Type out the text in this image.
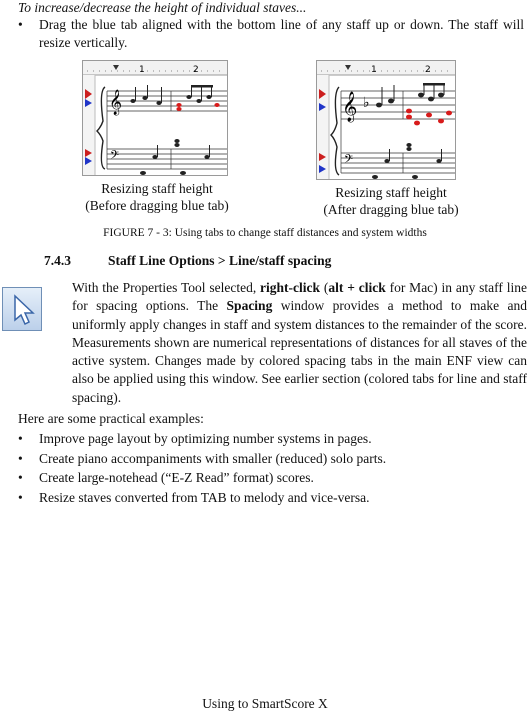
To increase/decrease the height of individual staves...
• Drag the blue tab aligned with the bottom line of any staff up or down. The staff will resize vertically.
1	2
𝄞
𝄢
Resizing staff height
(Before dragging blue tab)
1	2
𝄞
𝄢
♭
Resizing staff height
(After dragging blue tab)
FIGURE 7 - 3: Using tabs to change staff distances and system widths
7.4.3	Staff Line Options > Line/staff spacing
With the Properties Tool selected, right-click (alt + click for Mac) in any staff line for spacing options. The Spacing window provides a method to make and uniformly apply changes in staff and system distances to the remainder of the score. Measurements shown are numerical representations of distances for all staves of the active system. Changes made by colored spacing tabs in the main ENF view can also be applied using this window. See earlier section (colored tabs for line and staff spacing).
Here are some practical examples:
• Improve page layout by optimizing number systems in pages.
• Create piano accompaniments with smaller (reduced) solo parts.
• Create large-notehead (“E-Z Read” format) scores.
• Resize staves converted from TAB to melody and vice-versa.
Using to SmartScore X
